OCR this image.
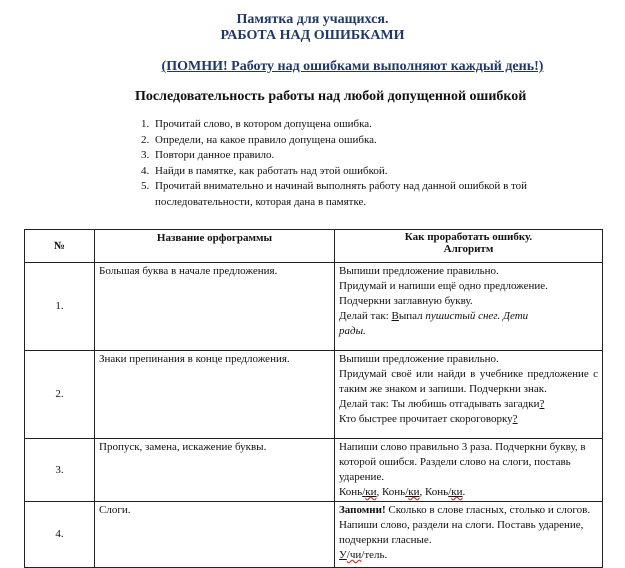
Памятка для учащихся.
РАБОТА НАД ОШИБКАМИ
(ПОМНИ! Работу над ошибками выполняют каждый день!)
Последовательность работы над любой допущенной ошибкой
1. Прочитай слово, в котором допущена ошибка.
2. Определи, на какое правило допущена ошибка.
3. Повтори данное правило.
4. Найди в памятке, как работать над этой ошибкой.
5. Прочитай внимательно и начинай выполнять работу над данной ошибкой в той последовательности, которая дана в памятке.
№	Название орфограммы	Как проработать ошибку.
Алгоритм

1.	Большая буква в начале предложения.	Выпиши предложение правильно.
Придумай и напиши ещё одно предложение.
Подчеркни заглавную букву.
Делай так: Выпал пушистый снег. Дети
рады.

2.	Знаки препинания в конце предложения.	Выпиши предложение правильно.
Придумай своё или найди в учебнике предложение с таким же знаком и запиши. Подчеркни знак.
Делай так: Ты любишь отгадывать загадки?
Кто быстрее прочитает скороговорку?

3.	Пропуск, замена, искажение буквы.	Напиши слово правильно 3 раза. Подчеркни букву, в которой ошибся. Раздели слово на слоги, поставь ударение.
Конь/ки, Конь/ки, Конь/ки.

4.	Слоги.	Запомни! Сколько в слове гласных, столько и слогов. Напиши слово, раздели на слоги. Поставь ударение, подчеркни гласные.
У/чи/тель.
